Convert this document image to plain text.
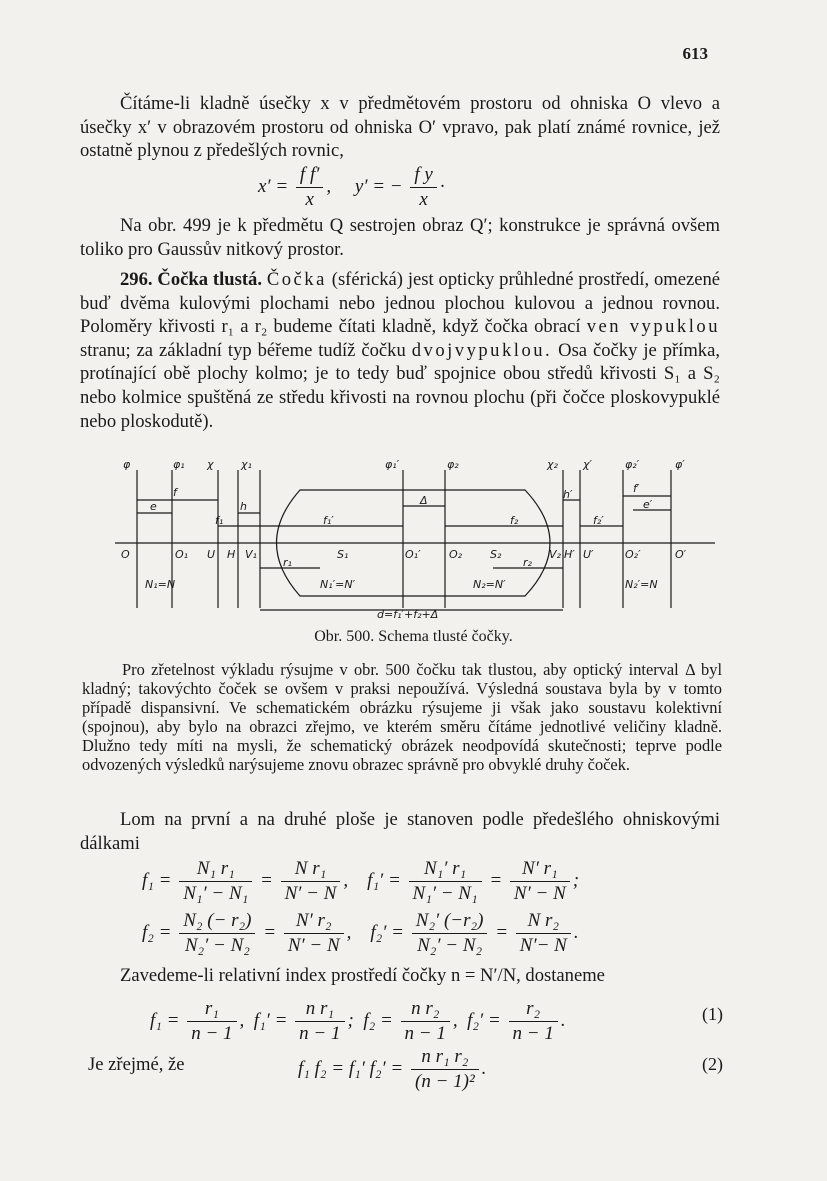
613

Čítáme-li kladně úsečky x v předmětovém prostoru od ohniska O vlevo a úsečky x′ v obrazovém prostoru od ohniska O′ vpravo, pak platí známé rovnice, jež ostatně plynou z předešlých rovnic,

$x' = \frac{\text{f f′}}{x}$ , y′ = − $\frac{\text{f y}}{x}$ ·

Na obr. 499 je k předmětu Q sestrojen obraz Q′; konstrukce je správná ovšem toliko pro Gaussův nitkový prostor.

296. Čočka tlustá. Čočka (sférická) jest opticky průhledné prostředí, omezené buď dvěma kulovými plochami nebo jednou plochou kulovou a jednou rovnou. Poloměry křivosti r₁ a r₂ budeme čítati kladně, když čočka obrací ven vypuklou stranu; za základní typ béřeme tudíž čočku dvojvypuklou. Osa čočky je přímka, protínající obě plochy kolmo; je to tedy buď spojnice obou středů křivosti S₁ a S₂ nebo kolmice spuštěná ze středu křivosti na rovnou plochu (při čočce ploskovypuklé nebo ploskodutě).

φ	φ₁ χ χ₁	φ₁′	φ₂	χ₂ χ′	φ₂′	φ′
O	O₁ U H V₁	S₁	O₁′	O₂	S₂	V₂ H′ U′	O₂′	O′
f
e	h
f₁	f₁′
Δ
f₂
h′
f₂′
f′
e′
r₁	r₂
N₁=N	N₁′=N′	N₂=N′	N₂′=N
d=f₁′+f₂+Δ
Obr. 500. Schema tlusté čočky.

Pro zřetelnost výkladu rýsujme v obr. 500 čočku tak tlustou, aby optický interval Δ byl kladný; takovýchto čoček se ovšem v praksi nepoužívá. Výsledná soustava byla by v tomto případě dispansivní. Ve schematickém obrázku rýsujeme ji však jako soustavu kolektivní (spojnou), aby bylo na obrazci zřejmo, ve kterém směru čítáme jednotlivé veličiny kladně. Dlužno tedy míti na mysli, že schematický obrázek neodpovídá skutečnosti; teprve podle odvozených výsledků narýsujeme znovu obrazec správně pro obvyklé druhy čoček.

Lom na první a na druhé ploše je stanoven podle předešlého ohniskovými dálkami

$f_1 = \frac{\text{N₁ r₁}}{\text{N₁′ − N₁}} = \frac{\text{N r₁}}{N' - N}$ , $f_1' = \frac{\text{N₁′ r₁}}{\text{N₁′ − N₁}} = \frac{\text{N′ r₁}}{N' - N}$ ;
$f_2 = \frac{\text{N₂ (− r₂)}}{\text{N₂′ − N₂}} = \frac{\text{N′ r₂}}{N' - N}$ , $f_2' = \frac{\text{N₂′ (−r₂)}}{\text{N₂′ − N₂}} = \frac{\text{N r₂}}{N'- N}$ .

Zavedeme-li relativní index prostředí čočky n = N′/N, dostaneme

$f_1 = \frac{\text{r₁}}{n - 1}$ ,  $f_1' = \frac{\text{n r₁}}{n - 1}$ ;  $f_2 = \frac{\text{n r₂}}{n - 1}$ ,  $f_2' = \frac{\text{r₂}}{n - 1}$ .	(1)
Je zřejmé, že	f₁ f₂ = f₁′ $f_2' = \frac{\text{n r₁ r₂}}{\text{(n − 1)²}}$ .	(2)
